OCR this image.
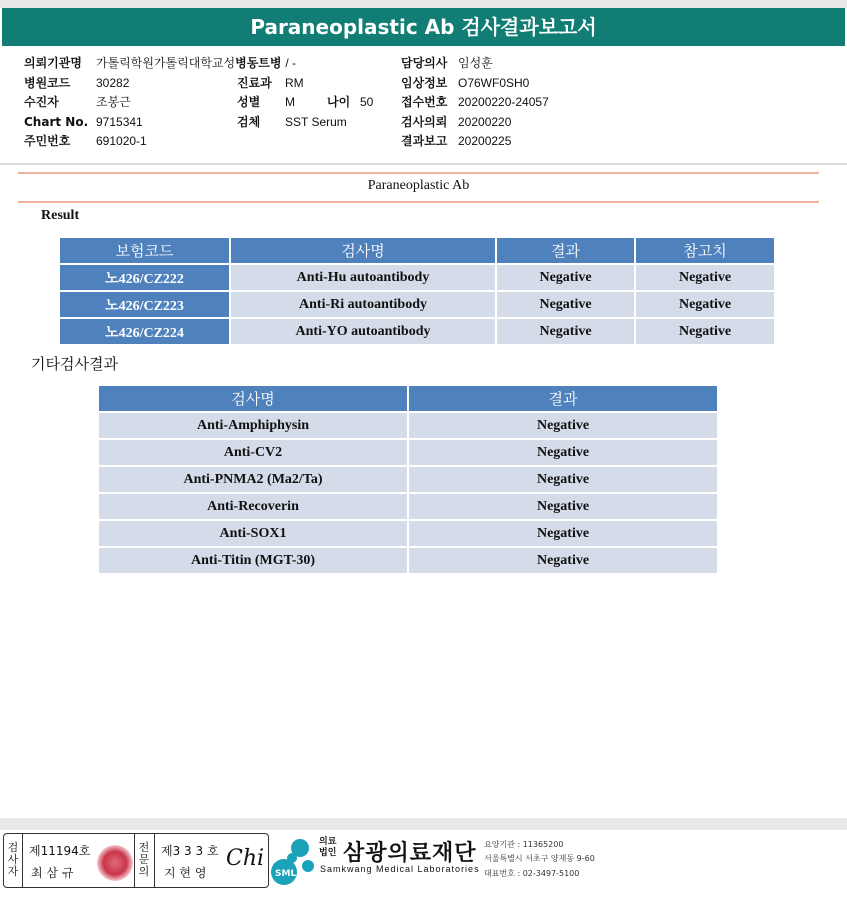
Paraneoplastic Ab 검사결과보고서
의뢰기관명 가톨릭학원가톨릭대학교성병동트병 / -
병원코드 30282
수진자	조봉근
Chart No. 9715341
주민번호 691020-1
진료과 RM
성별 M	나이 50
검체 SST Serum
담당의사 임성훈
임상정보 O76WF0SH0
접수번호 20200220-24057
검사의뢰 20200220
결과보고 20200225
Paraneoplastic Ab
Result
보험코드	검사명	결과	참고치
노426/CZ222	Anti-Hu autoantibody	Negative	Negative
노426/CZ223	Anti-Ri autoantibody	Negative	Negative
노426/CZ224	Anti-YO autoantibody	Negative	Negative
기타검사결과
검사명	결과
Anti-Amphiphysin	Negative
Anti-CV2	Negative
Anti-PNMA2 (Ma2/Ta)	Negative
Anti-Recoverin	Negative
Anti-SOX1	Negative
Anti-Titin (MGT-30)	Negative
검사자
제11194호
최 삼 규
전문의
제3 3 3 호
지 현 영
Chi
SML
의료
법인 삼광의료재단
Samkwang Medical Laboratories
요양기관 : 11365200
서울특별시 서초구 양재동 9-60
대표번호 : 02-3497-5100
